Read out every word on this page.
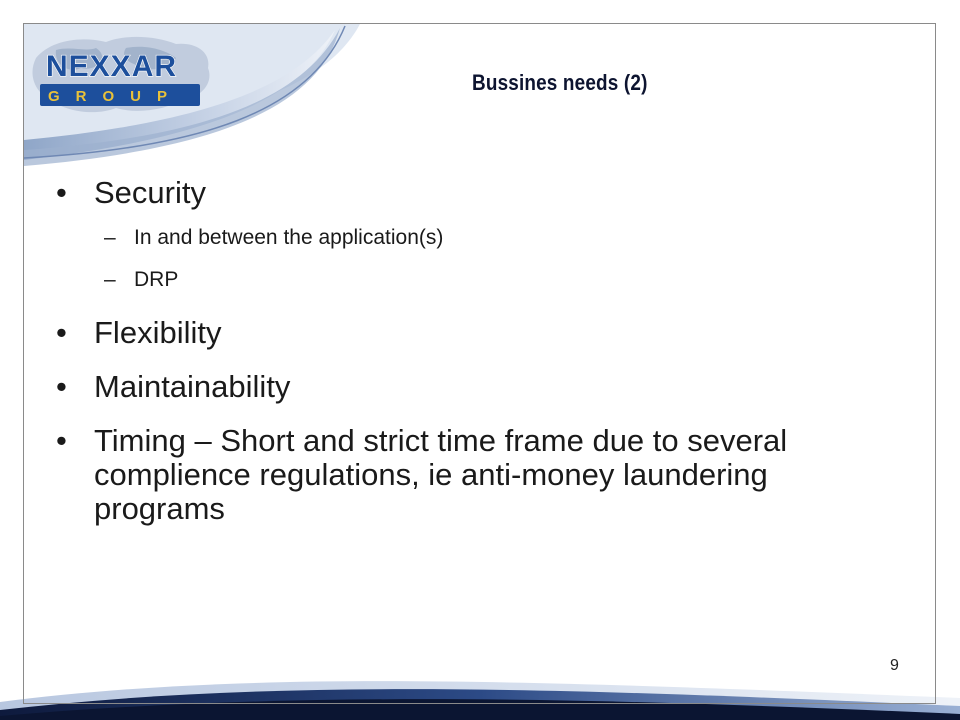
NEXXAR
GROUP
Bussines needs (2)
• Security
– In and between the application(s)
– DRP
• Flexibility
• Maintainability
• Timing – Short and strict time frame due to several complience regulations, ie anti-money laundering programs
9
